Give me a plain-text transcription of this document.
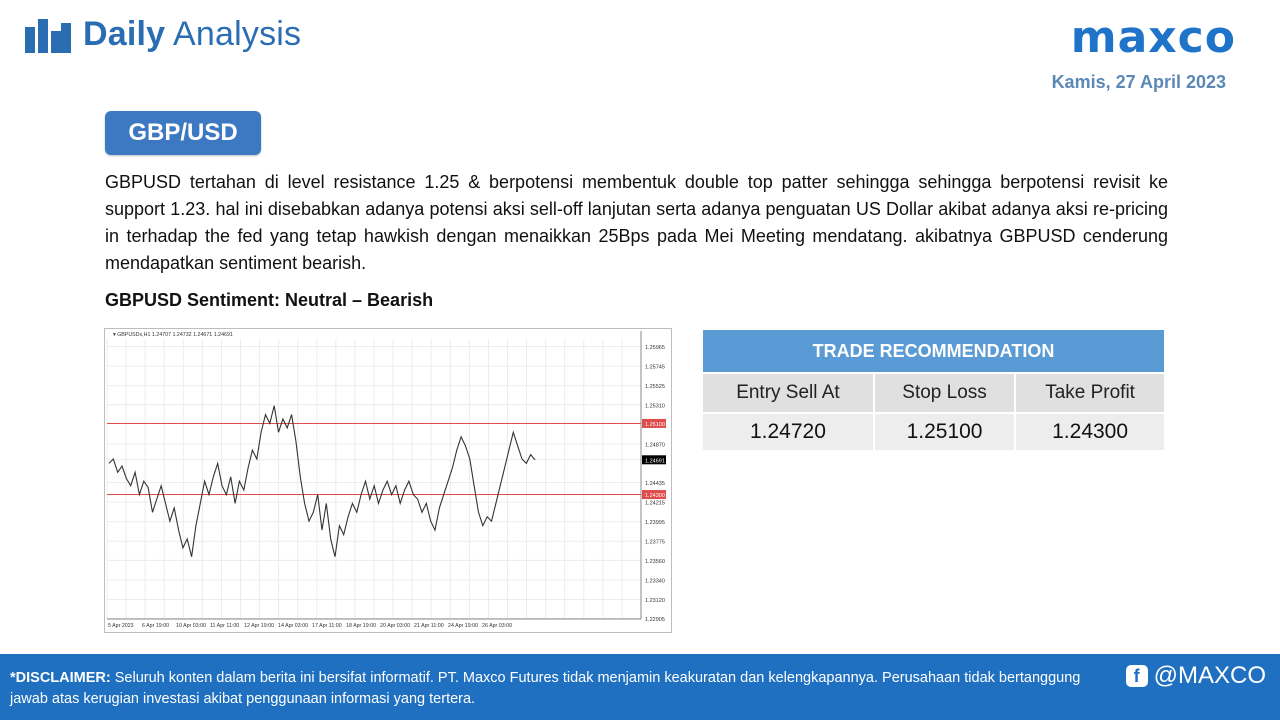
Daily Analysis	maxco
Kamis, 27 April 2023
GBP/USD
GBPUSD tertahan di level resistance 1.25 & berpotensi membentuk double top patter sehingga sehingga berpotensi revisit ke support 1.23. hal ini disebabkan adanya potensi aksi sell-off lanjutan serta adanya penguatan US Dollar akibat adanya aksi re-pricing in terhadap the fed yang tetap hawkish dengan menaikkan 25Bps pada Mei Meeting mendatang. akibatnya GBPUSD cenderung mendapatkan sentiment bearish.
GBPUSD Sentiment: Neutral – Bearish
1.25965
1.25745
1.25525
1.25310
1.25100
1.24870
1.24691
1.24435
1.24300
1.24215
1.23995
1.23775
1.23560
1.23340
1.23120
1.22905
5 Apr 2023 6 Apr 19:00 10 Apr 03:00 11 Apr 11:00 12 Apr 19:00 14 Apr 03:00 17 Apr 11:00 18 Apr 19:00 20 Apr 03:00 21 Apr 11:00 24 Apr 19:00 26 Apr 03:00
▾ GBPUSDx,H1 1.24707 1.24732 1.24671 1.24691
TRADE RECOMMENDATION		
Entry Sell At	Stop Loss	Take Profit
1.24720	1.25100	1.24300
*DISCLAIMER: Seluruh konten dalam berita ini bersifat informatif. PT. Maxco Futures tidak menjamin keakuratan dan kelengkapannya. Perusahaan tidak bertanggung jawab atas kerugian investasi akibat penggunaan informasi yang tertera.
f @MAXCO
